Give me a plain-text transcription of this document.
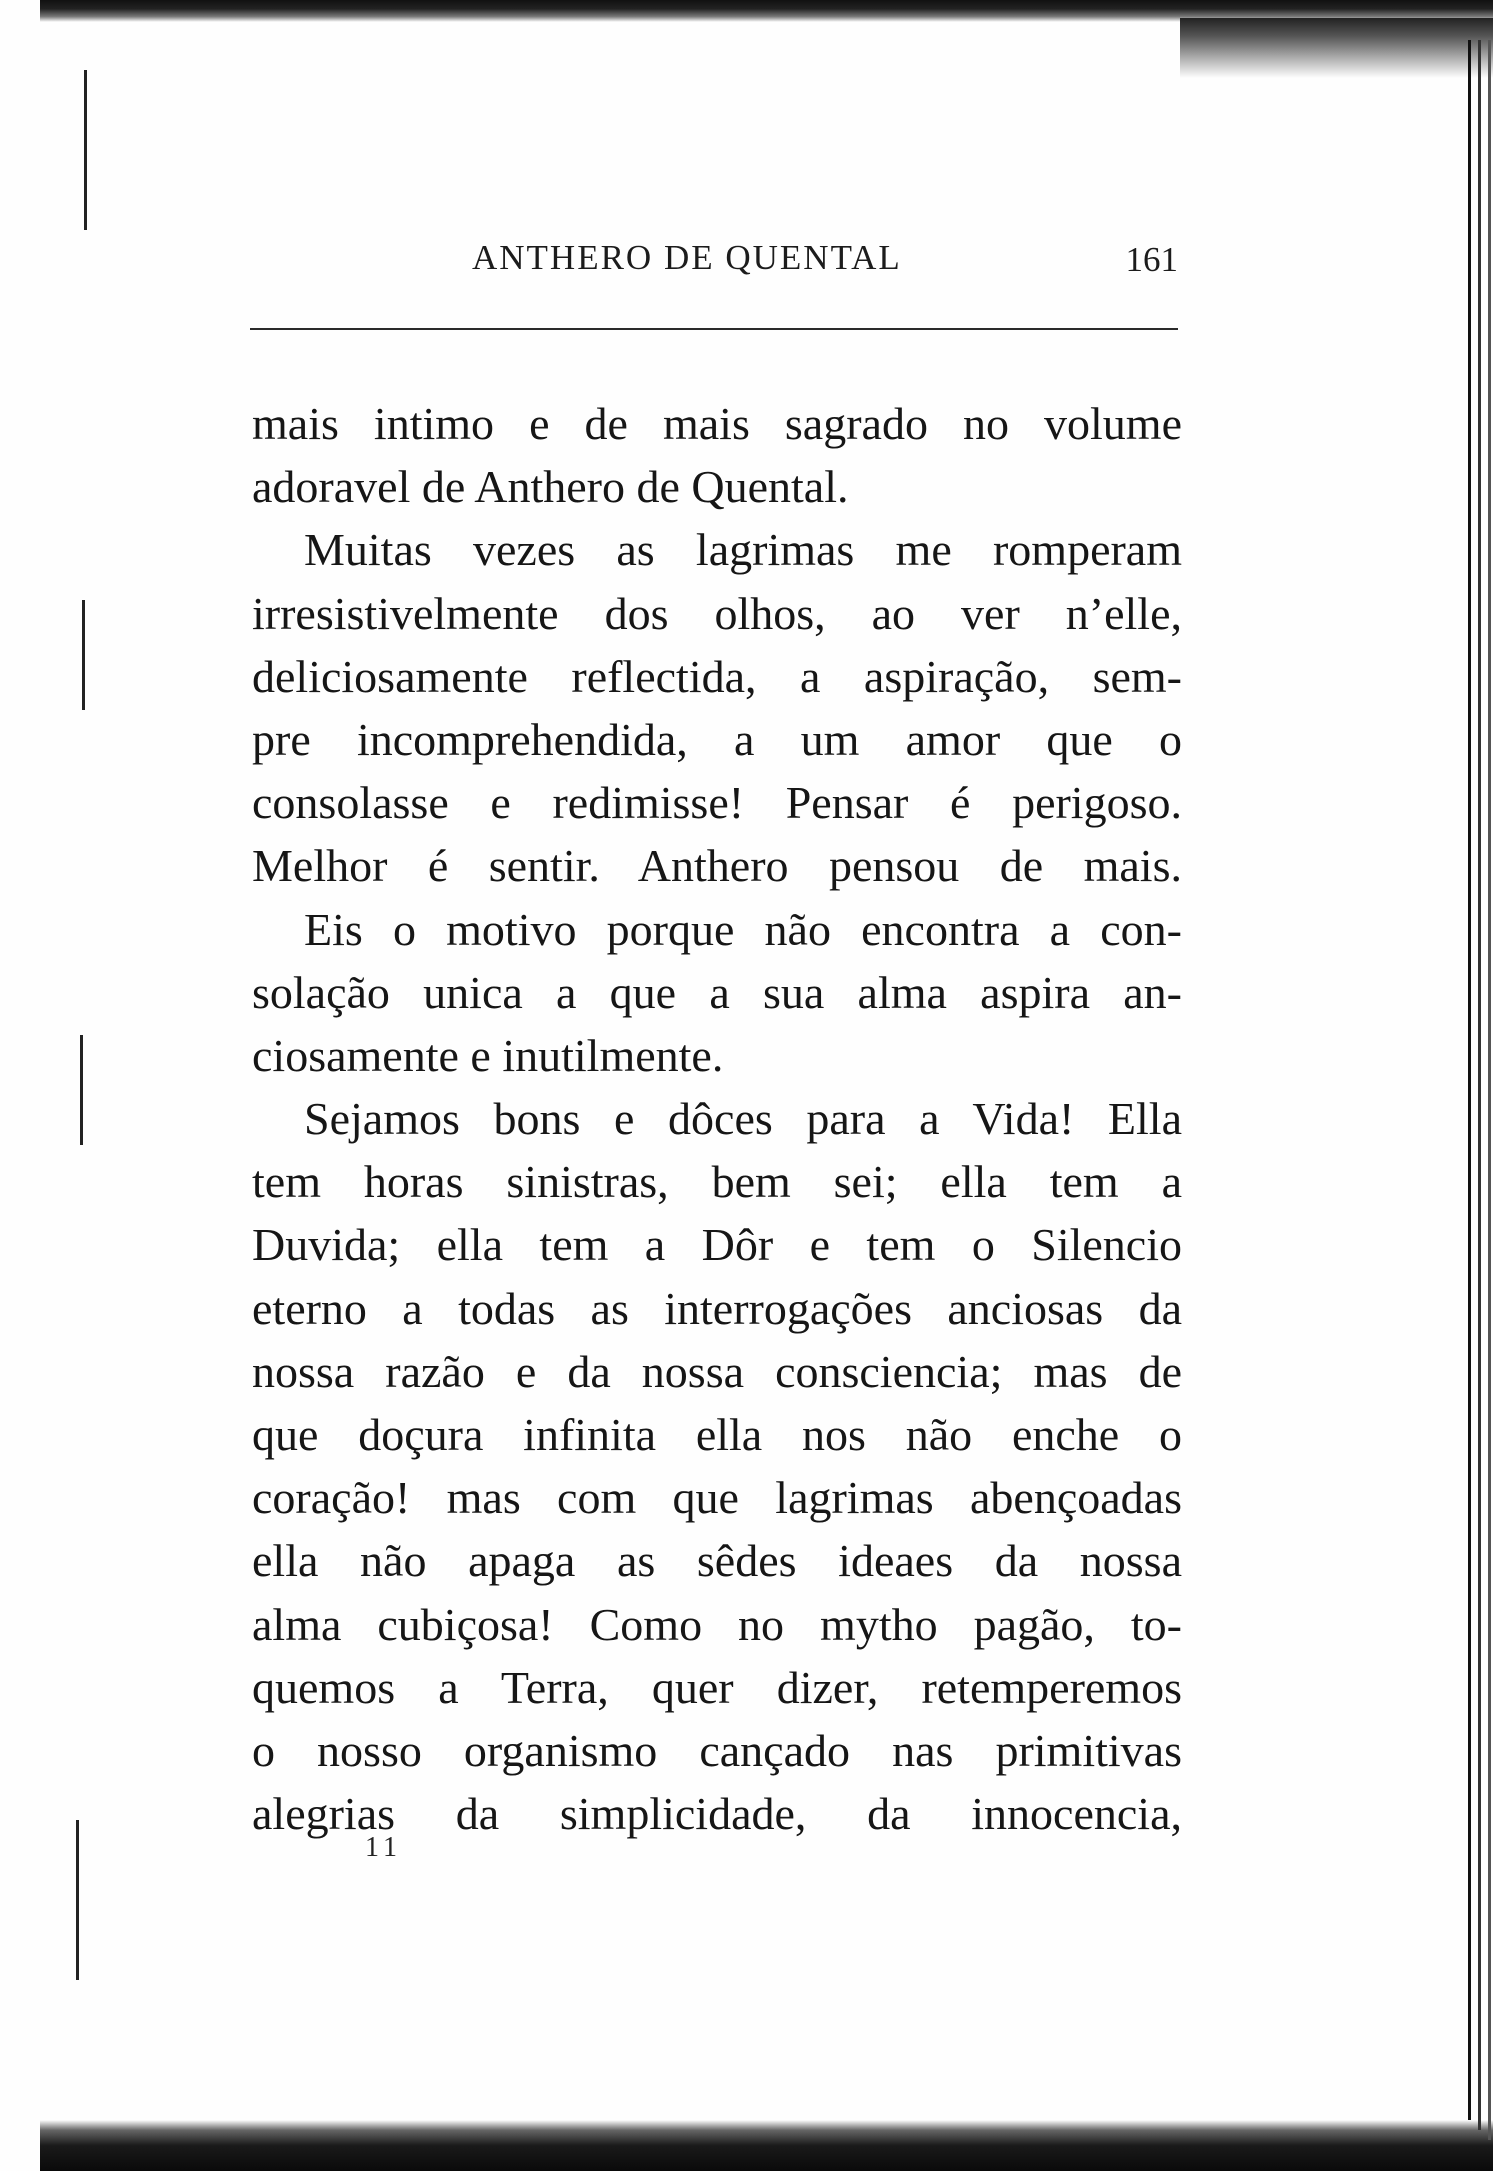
ANTHERO DE QUENTAL	161
mais intimo e de mais sagrado no volume
adoravel de Anthero de Quental.
Muitas vezes as lagrimas me romperam
irresistivelmente dos olhos, ao ver n’elle,
deliciosamente reflectida, a aspiração, sem-
pre incomprehendida, a um amor que o
consolasse e redimisse! Pensar é perigoso.
Melhor é sentir. Anthero pensou de mais.
Eis o motivo porque não encontra a con-
solação unica a que a sua alma aspira an-
ciosamente e inutilmente.
Sejamos bons e dôces para a Vida! Ella
tem horas sinistras, bem sei; ella tem a
Duvida; ella tem a Dôr e tem o Silencio
eterno a todas as interrogações anciosas da
nossa razão e da nossa consciencia; mas de
que doçura infinita ella nos não enche o
coração! mas com que lagrimas abençoadas
ella não apaga as sêdes ideaes da nossa
alma cubiçosa! Como no mytho pagão, to-
quemos a Terra, quer dizer, retemperemos
o nosso organismo cançado nas primitivas
alegrias da simplicidade, da innocencia,
11
